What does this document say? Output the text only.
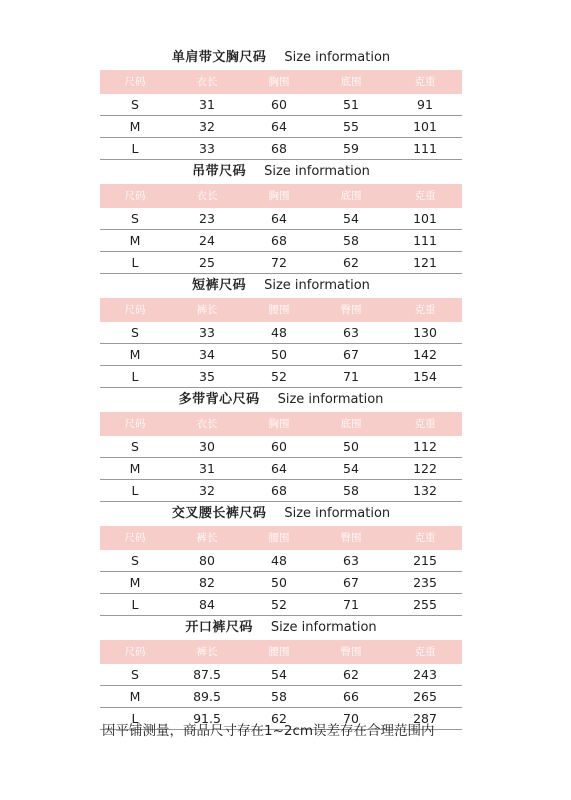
单肩带文胸尺码 Size information
尺码	衣长	胸围	底围	克重
S	31	60	51	91
M	32	64	55	101
L	33	68	59	111
吊带尺码 Size information
尺码	衣长	胸围	底围	克重
S	23	64	54	101
M	24	68	58	111
L	25	72	62	121
短裤尺码 Size information
尺码	裤长	腰围	臀围	克重
S	33	48	63	130
M	34	50	67	142
L	35	52	71	154
多带背心尺码 Size information
尺码	衣长	胸围	底围	克重
S	30	60	50	112
M	31	64	54	122
L	32	68	58	132
交叉腰长裤尺码 Size information
尺码	裤长	腰围	臀围	克重
S	80	48	63	215
M	82	50	67	235
L	84	52	71	255
开口裤尺码 Size information
尺码	裤长	腰围	臀围	克重
S	87.5	54	62	243
M	89.5	58	66	265
L	91.5	62	70	287
因平铺测量，商品尺寸存在1~2cm误差存在合理范围内
